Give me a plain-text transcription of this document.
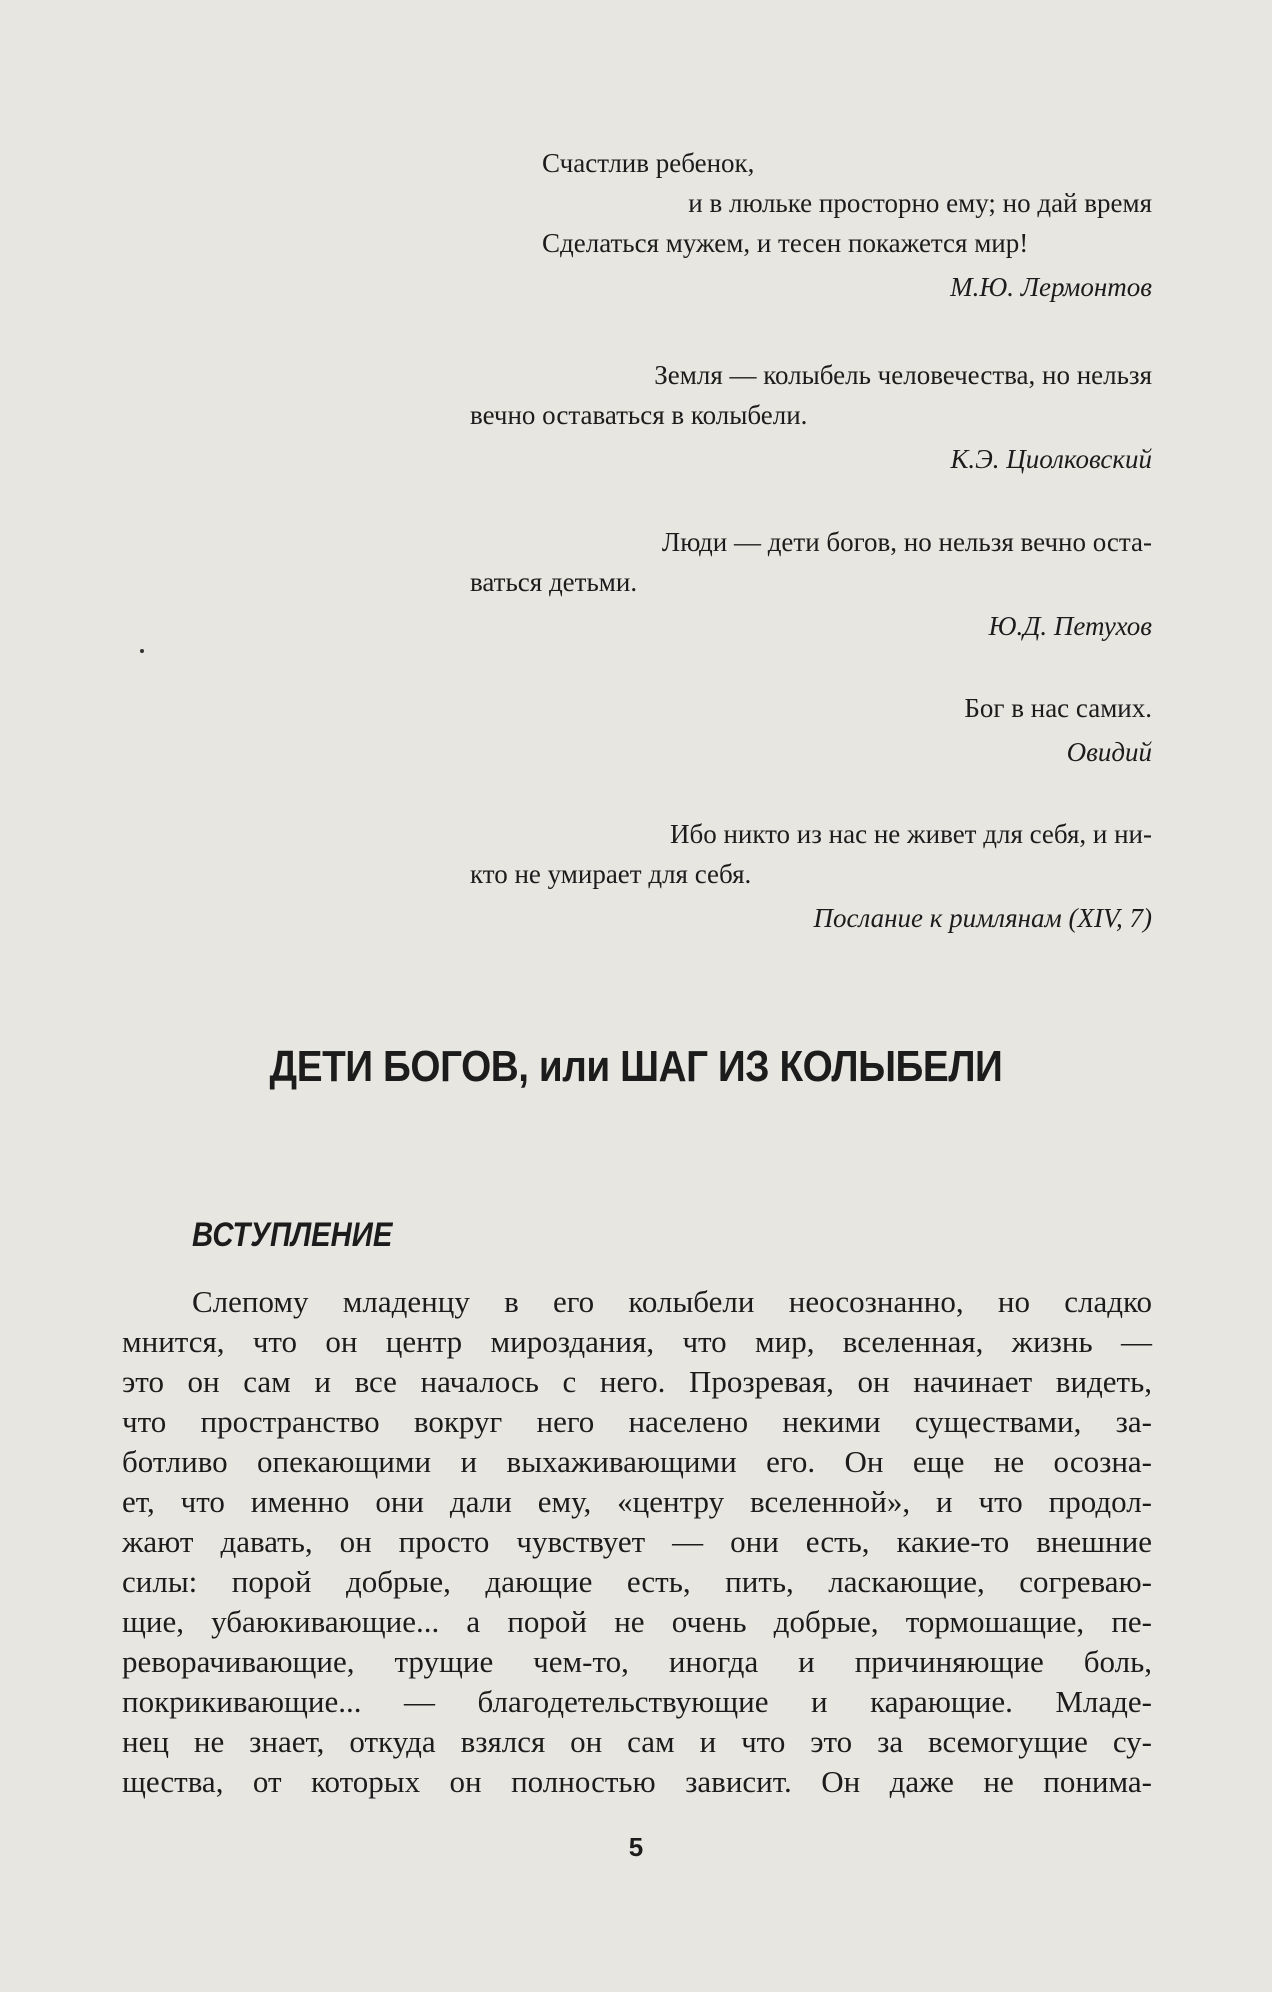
Счастлив ребенок,
и в люльке просторно ему; но дай время
Сделаться мужем, и тесен покажется мир!
М.Ю. Лермонтов
Земля — колыбель человечества, но нельзя
вечно оставаться в колыбели.
К.Э. Циолковский
Люди — дети богов, но нельзя вечно оста-
ваться детьми.
Ю.Д. Петухов
Бог в нас самих.
Овидий
Ибо никто из нас не живет для себя, и ни-
кто не умирает для себя.
Послание к римлянам (XIV, 7)
ДЕТИ БОГОВ, или ШАГ ИЗ КОЛЫБЕЛИ
ВСТУПЛЕНИЕ
Слепому младенцу в его колыбели неосознанно, но сладко
мнится, что он центр мироздания, что мир, вселенная, жизнь —
это он сам и все началось с него. Прозревая, он начинает видеть,
что пространство вокруг него населено некими существами, за-
ботливо опекающими и выхаживающими его. Он еще не осозна-
ет, что именно они дали ему, «центру вселенной», и что продол-
жают давать, он просто чувствует — они есть, какие-то внешние
силы: порой добрые, дающие есть, пить, ласкающие, согреваю-
щие, убаюкивающие... а порой не очень добрые, тормошащие, пе-
реворачивающие, трущие чем-то, иногда и причиняющие боль,
покрикивающие... — благодетельствующие и карающие. Младе-
нец не знает, откуда взялся он сам и что это за всемогущие су-
щества, от которых он полностью зависит. Он даже не понима-
5
